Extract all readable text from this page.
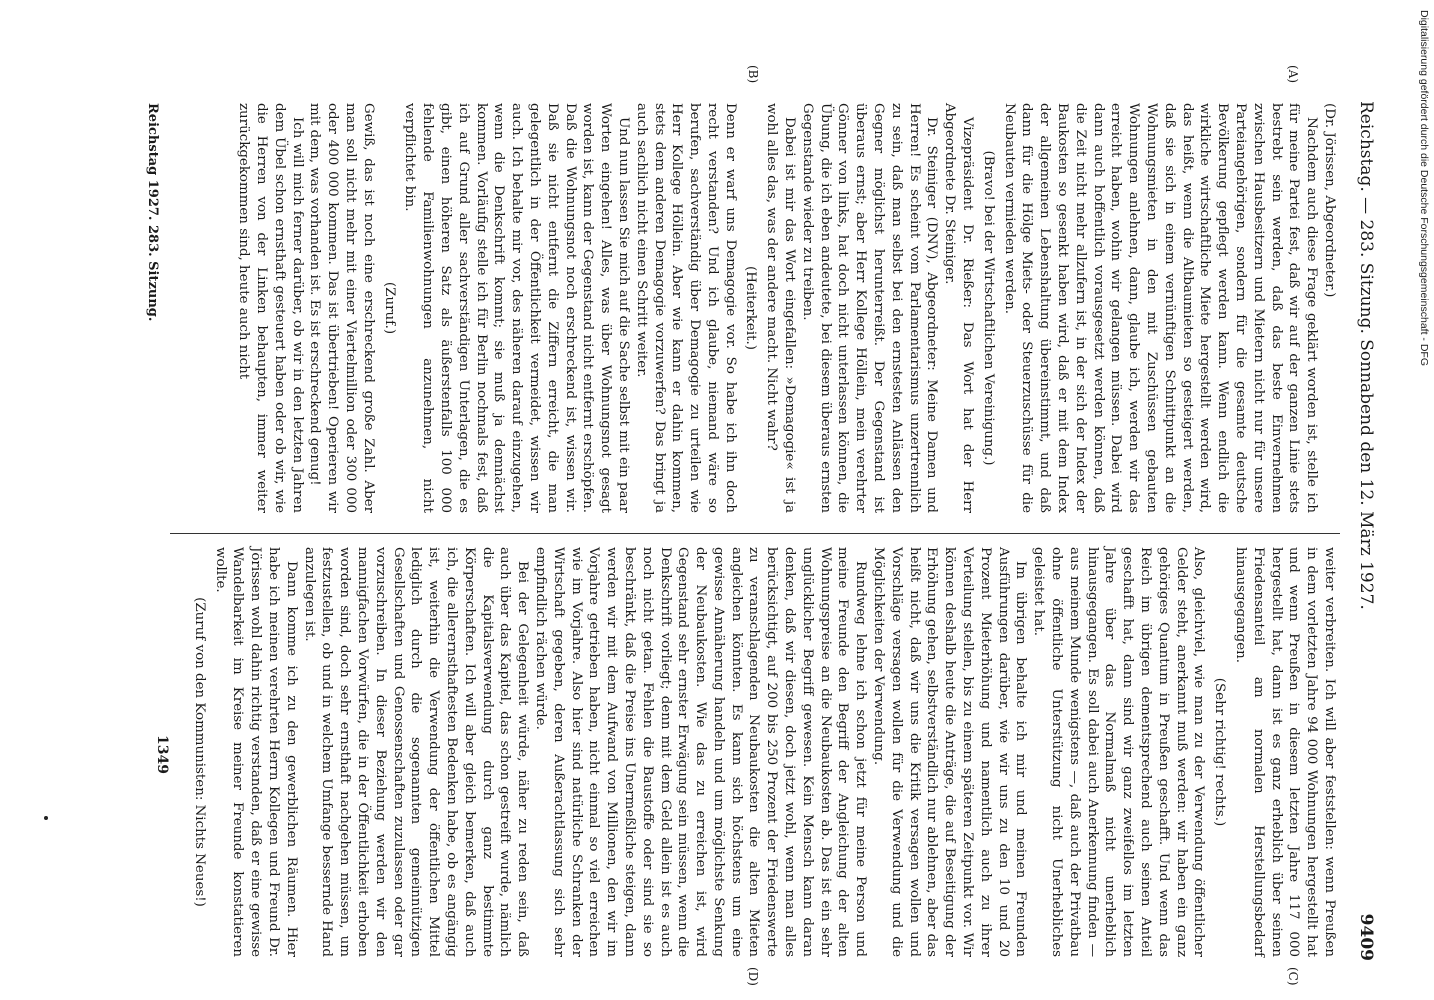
Reichstag. — 283. Sitzung. Sonnabend den 12. März 1927.
9409
(A)
(B)
(C)
(D)

(Dr. Jörissen, Abgeordneter.)

Nachdem auch diese Frage geklärt worden ist, stelle ich für meine Partei fest, daß wir auf der ganzen Linie stets bestrebt sein werden, daß das beste Einvernehmen zwischen Hausbesitzern und Mietern nicht nur für unsere Parteiangehörigen, sondern für die gesamte deutsche Bevölkerung gepflegt werden kann. Wenn endlich die wirkliche wirtschaftliche Miete hergestellt werden wird, das heißt, wenn die Altbaumieten so gesteigert werden, daß sie sich in einem vernünftigen Schnittpunkt an die Wohnungsmieten in den mit Zuschüssen gebauten Wohnungen anlehnen, dann, glaube ich, werden wir das erreicht haben, wohin wir gelangen müssen. Dabei wird dann auch hoffentlich vorausgesetzt werden können, daß die Zeit nicht mehr allzufern ist, in der sich der Index der Baukosten so gesenkt haben wird, daß er mit dem Index der allgemeinen Lebenshaltung übereinstimmt, und daß dann für die Hölge Miets- oder Steuerzuschüsse für die Neubauten vermieden werden.

(Bravo! bei der Wirtschaftlichen Vereinigung.)

Vizepräsident Dr. Rießer: Das Wort hat der Herr Abgeordnete Dr. Steiniger.

Dr. Steiniger (DNV), Abgeordneter: Meine Damen und Herren! Es scheint vom Parlamentarismus unzertrennlich zu sein, daß man selbst bei den ernstesten Anlässen den Gegner möglichst herunterreißt. Der Gegenstand ist überaus ernst; aber Herr Kollege Höllein, mein verehrter Gönner von links, hat doch nicht unterlassen können, die Übung, die ich eben andeutete, bei diesem überaus ernsten Gegenstande wieder zu treiben.

Dabei ist mir das Wort eingefallen: »Demagogie« ist ja wohl alles das, was der andere macht. Nicht wahr?

(Heiterkeit.)

Denn er warf uns Demagogie vor. So habe ich ihn doch recht verstanden? Und ich glaube, niemand wäre so berufen, sachverständig über Demagogie zu urteilen wie Herr Kollege Höllein. Aber wie kann er dahin kommen, stets dem anderen Demagogie vorzuwerfen? Das bringt ja auch sachlich nicht einen Schritt weiter.

Und nun lassen Sie mich auf die Sache selbst mit ein paar Worten eingehen! Alles, was über Wohnungsnot gesagt worden ist, kann der Gegenstand nicht entfernt erschöpfen. Daß die Wohnungsnot noch erschreckend ist, wissen wir. Daß sie nicht entfernt die Ziffern erreicht, die man gelegentlich in der Öffentlichkeit vermeidet, wissen wir auch. Ich behalte mir vor, des näheren darauf einzugehen, wenn die Denkschrift kommt; sie muß ja demnächst kommen. Vorläufig stelle ich für Berlin nochmals fest, daß ich auf Grund aller sachverständigen Unterlagen, die es gibt, einen höheren Satz als äußerstenfalls 100 000 fehlende Familienwohnungen anzunehmen, nicht verpflichtet bin.

(Zuruf.)

Gewiß, das ist noch eine erschreckend große Zahl. Aber man soll nicht mehr mit einer Viertelmillion oder 300 000 oder 400 000 kommen. Das ist übertrieben! Operieren wir mit dem, was vorhanden ist. Es ist erschreckend genug!

Ich will mich ferner darüber, ob wir in den letzten Jahren dem Übel schon ernsthaft gesteuert haben oder ob wir, wie die Herren von der Linken behaupten, immer weiter zurückgekommen sind, heute auch nicht

weiter verbreiten. Ich will aber feststellen: wenn Preußen in dem vorletzten Jahre 94 000 Wohnungen hergestellt hat und wenn Preußen in diesem letzten Jahre 117 000 hergestellt hat, dann ist es ganz erheblich über seinen Friedensanteil am normalen Herstellungsbedarf hinausgegangen.

(Sehr richtig! rechts.)

Also, gleichviel, wie man zu der Verwendung öffentlicher Gelder steht, anerkannt muß werden: wir haben ein ganz gehöriges Quantum in Preußen geschafft. Und wenn das Reich im übrigen dementsprechend auch seinen Anteil geschafft hat, dann sind wir ganz zweifellos im letzten Jahre über das Normalmaß nicht unerheblich hinausgegangen. Es soll dabei auch Anerkennung finden — aus meinem Munde wenigstens —, daß auch der Privatbau ohne öffentliche Unterstützung nicht Unerhebliches geleistet hat.

Im übrigen behalte ich mir und meinen Freunden Ausführungen darüber, wie wir uns zu den 10 und 20 Prozent Mieterhöhung und namentlich auch zu ihrer Verteilung stellen, bis zu einem späteren Zeitpunkt vor. Wir können deshalb heute die Anträge, die auf Beseitigung der Erhöhung gehen, selbstverständlich nur ablehnen, aber das heißt nicht, daß wir uns die Kritik versagen wollen und Vorschläge versagen wollen für die Verwendung und die Möglichkeiten der Verwendung.

Rundweg lehne ich schon jetzt für meine Person und meine Freunde den Begriff der Angleichung der alten Wohnungspreise an die Neubaukosten ab. Das ist ein sehr unglücklicher Begriff gewesen. Kein Mensch kann daran denken, daß wir diesen, doch jetzt wohl, wenn man alles berücksichtigt, auf 200 bis 250 Prozent der Friedenswerte zu veranschlagenden Neubaukosten die alten Mieten angleichen könnten. Es kann sich höchstens um eine gewisse Annäherung handeln und um möglichste Senkung der Neubaukosten. Wie das zu erreichen ist, wird Gegenstand sehr ernster Erwägung sein müssen, wenn die Denkschrift vorliegt; denn mit dem Geld allein ist es auch noch nicht getan. Fehlen die Baustoffe oder sind sie so beschränkt, daß die Preise ins Unermeßliche steigen, dann werden wir mit dem Aufwand von Millionen, den wir im Vorjahre getrieben haben, nicht einmal so viel erreichen wie im Vorjahre. Also hier sind natürliche Schranken der Wirtschaft gegeben, deren Außerachtlassung sich sehr empfindlich rächen würde.

Bei der Gelegenheit würde, näher zu reden sein, daß auch über das Kapitel, das schon gestreift wurde, nämlich die Kapitalsverwendung durch ganz bestimmte Körperschaften. Ich will aber gleich bemerken, daß auch ich, die allerernsthaftesten Bedenken habe, ob es angängig ist, weiterhin die Verwendung der öffentlichen Mittel lediglich durch die sogenannten gemeinnützigen Gesellschaften und Genossenschaften zuzulassen oder gar vorzuschreiben. In dieser Beziehung werden wir den mannigfachen Vorwürfen, die in der Öffentlichkeit erhoben worden sind, doch sehr ernsthaft nachgehen müssen, um festzustellen, ob und in welchem Umfange bessernde Hand anzulegen ist.

Dann komme ich zu den gewerblichen Räumen. Hier habe ich meinen verehrten Herrn Kollegen und Freund Dr. Jörissen wohl dahin richtig verstanden, daß er eine gewisse Wandelbarkeit im Kreise meiner Freunde konstatieren wollte.

(Zuruf von den Kommunisten: Nichts Neues!)

Reichstag 1927. 283. Sitzung.
1349
Digitalisierung gefördert durch die Deutsche Forschungsgemeinschaft - DFG
